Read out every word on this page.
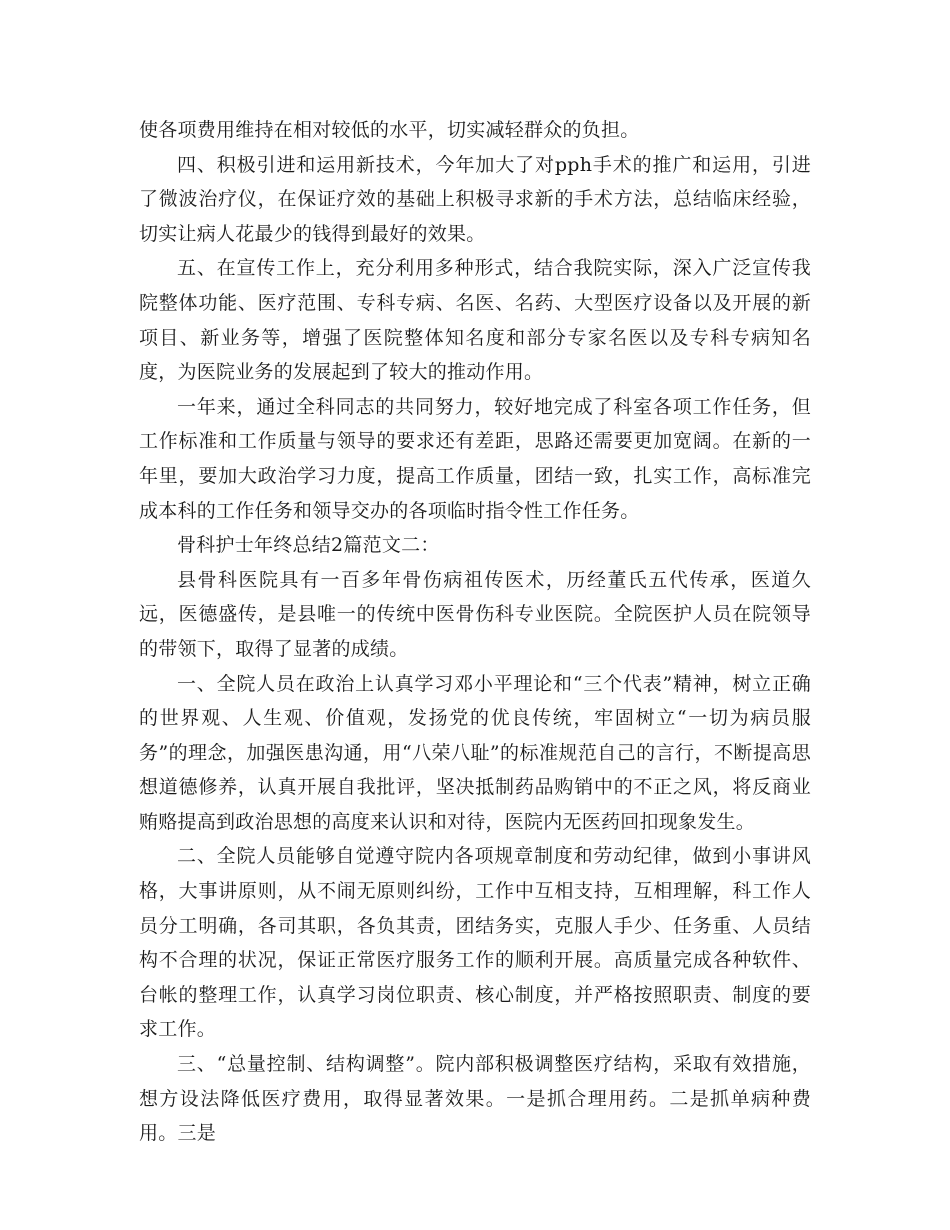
使各项费用维持在相对较低的水平，切实减轻群众的负担。

四、积极引进和运用新技术，今年加大了对pph手术的推广和运用，引进了微波治疗仪，在保证疗效的基础上积极寻求新的手术方法，总结临床经验，切实让病人花最少的钱得到最好的效果。

五、在宣传工作上，充分利用多种形式，结合我院实际，深入广泛宣传我院整体功能、医疗范围、专科专病、名医、名药、大型医疗设备以及开展的新项目、新业务等，增强了医院整体知名度和部分专家名医以及专科专病知名度，为医院业务的发展起到了较大的推动作用。

一年来，通过全科同志的共同努力，较好地完成了科室各项工作任务，但工作标准和工作质量与领导的要求还有差距，思路还需要更加宽阔。在新的一年里，要加大政治学习力度，提高工作质量，团结一致，扎实工作，高标准完成本科的工作任务和领导交办的各项临时指令性工作任务。

骨科护士年终总结2篇范文二：

县骨科医院具有一百多年骨伤病祖传医术，历经董氏五代传承，医道久远，医德盛传，是县唯一的传统中医骨伤科专业医院。全院医护人员在院领导的带领下，取得了显著的成绩。

一、全院人员在政治上认真学习邓小平理论和“三个代表”精神，树立正确的世界观、人生观、价值观，发扬党的优良传统，牢固树立“一切为病员服务”的理念，加强医患沟通，用“八荣八耻”的标准规范自己的言行，不断提高思想道德修养，认真开展自我批评，坚决抵制药品购销中的不正之风，将反商业贿赂提高到政治思想的高度来认识和对待，医院内无医药回扣现象发生。

二、全院人员能够自觉遵守院内各项规章制度和劳动纪律，做到小事讲风格，大事讲原则，从不闹无原则纠纷，工作中互相支持，互相理解，科工作人员分工明确，各司其职，各负其责，团结务实，克服人手少、任务重、人员结构不合理的状况，保证正常医疗服务工作的顺利开展。高质量完成各种软件、台帐的整理工作，认真学习岗位职责、核心制度，并严格按照职责、制度的要求工作。

三、“总量控制、结构调整”。院内部积极调整医疗结构，采取有效措施，想方设法降低医疗费用，取得显著效果。一是抓合理用药。二是抓单病种费用。三是
